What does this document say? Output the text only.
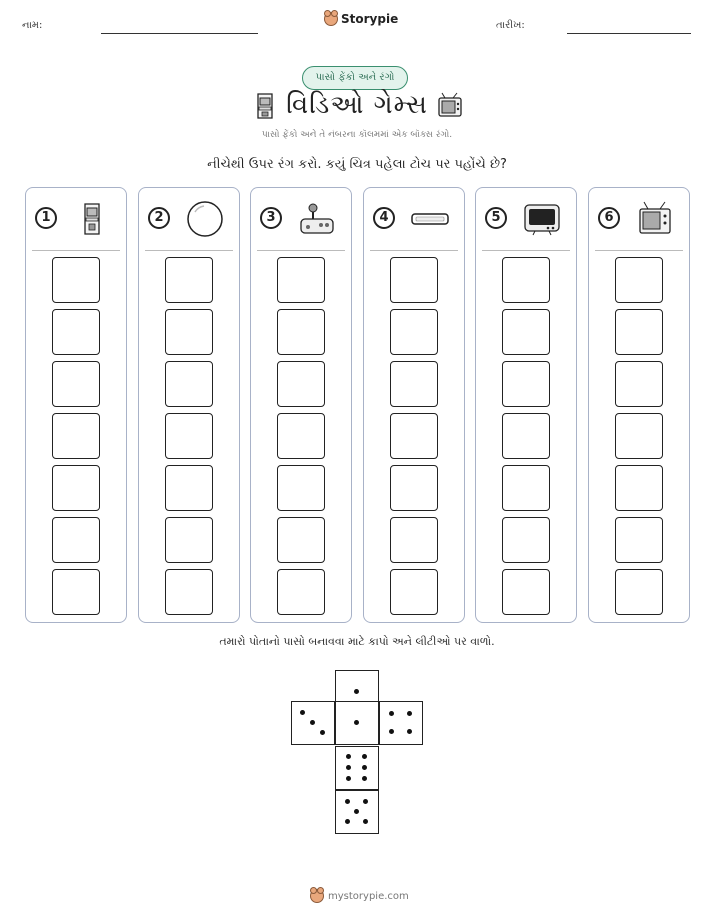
નામ:	Storypie	તારીખ:
પાસો ફેંકો અને રંગો
વિડિઓ ગેમ્સ
પાસો ફેંકો અને તે નંબરના કૉલમમાં એક બૉક્સ રંગો.
નીચેથી ઉપર રંગ કરો. કયું ચિત્ર પહેલા ટોચ પર પહોંચે છે?
1	2	3	4	5	6
તમારો પોતાનો પાસો બનાવવા માટે કાપો અને લીટીઓ પર વાળો.
mystorypie.com
